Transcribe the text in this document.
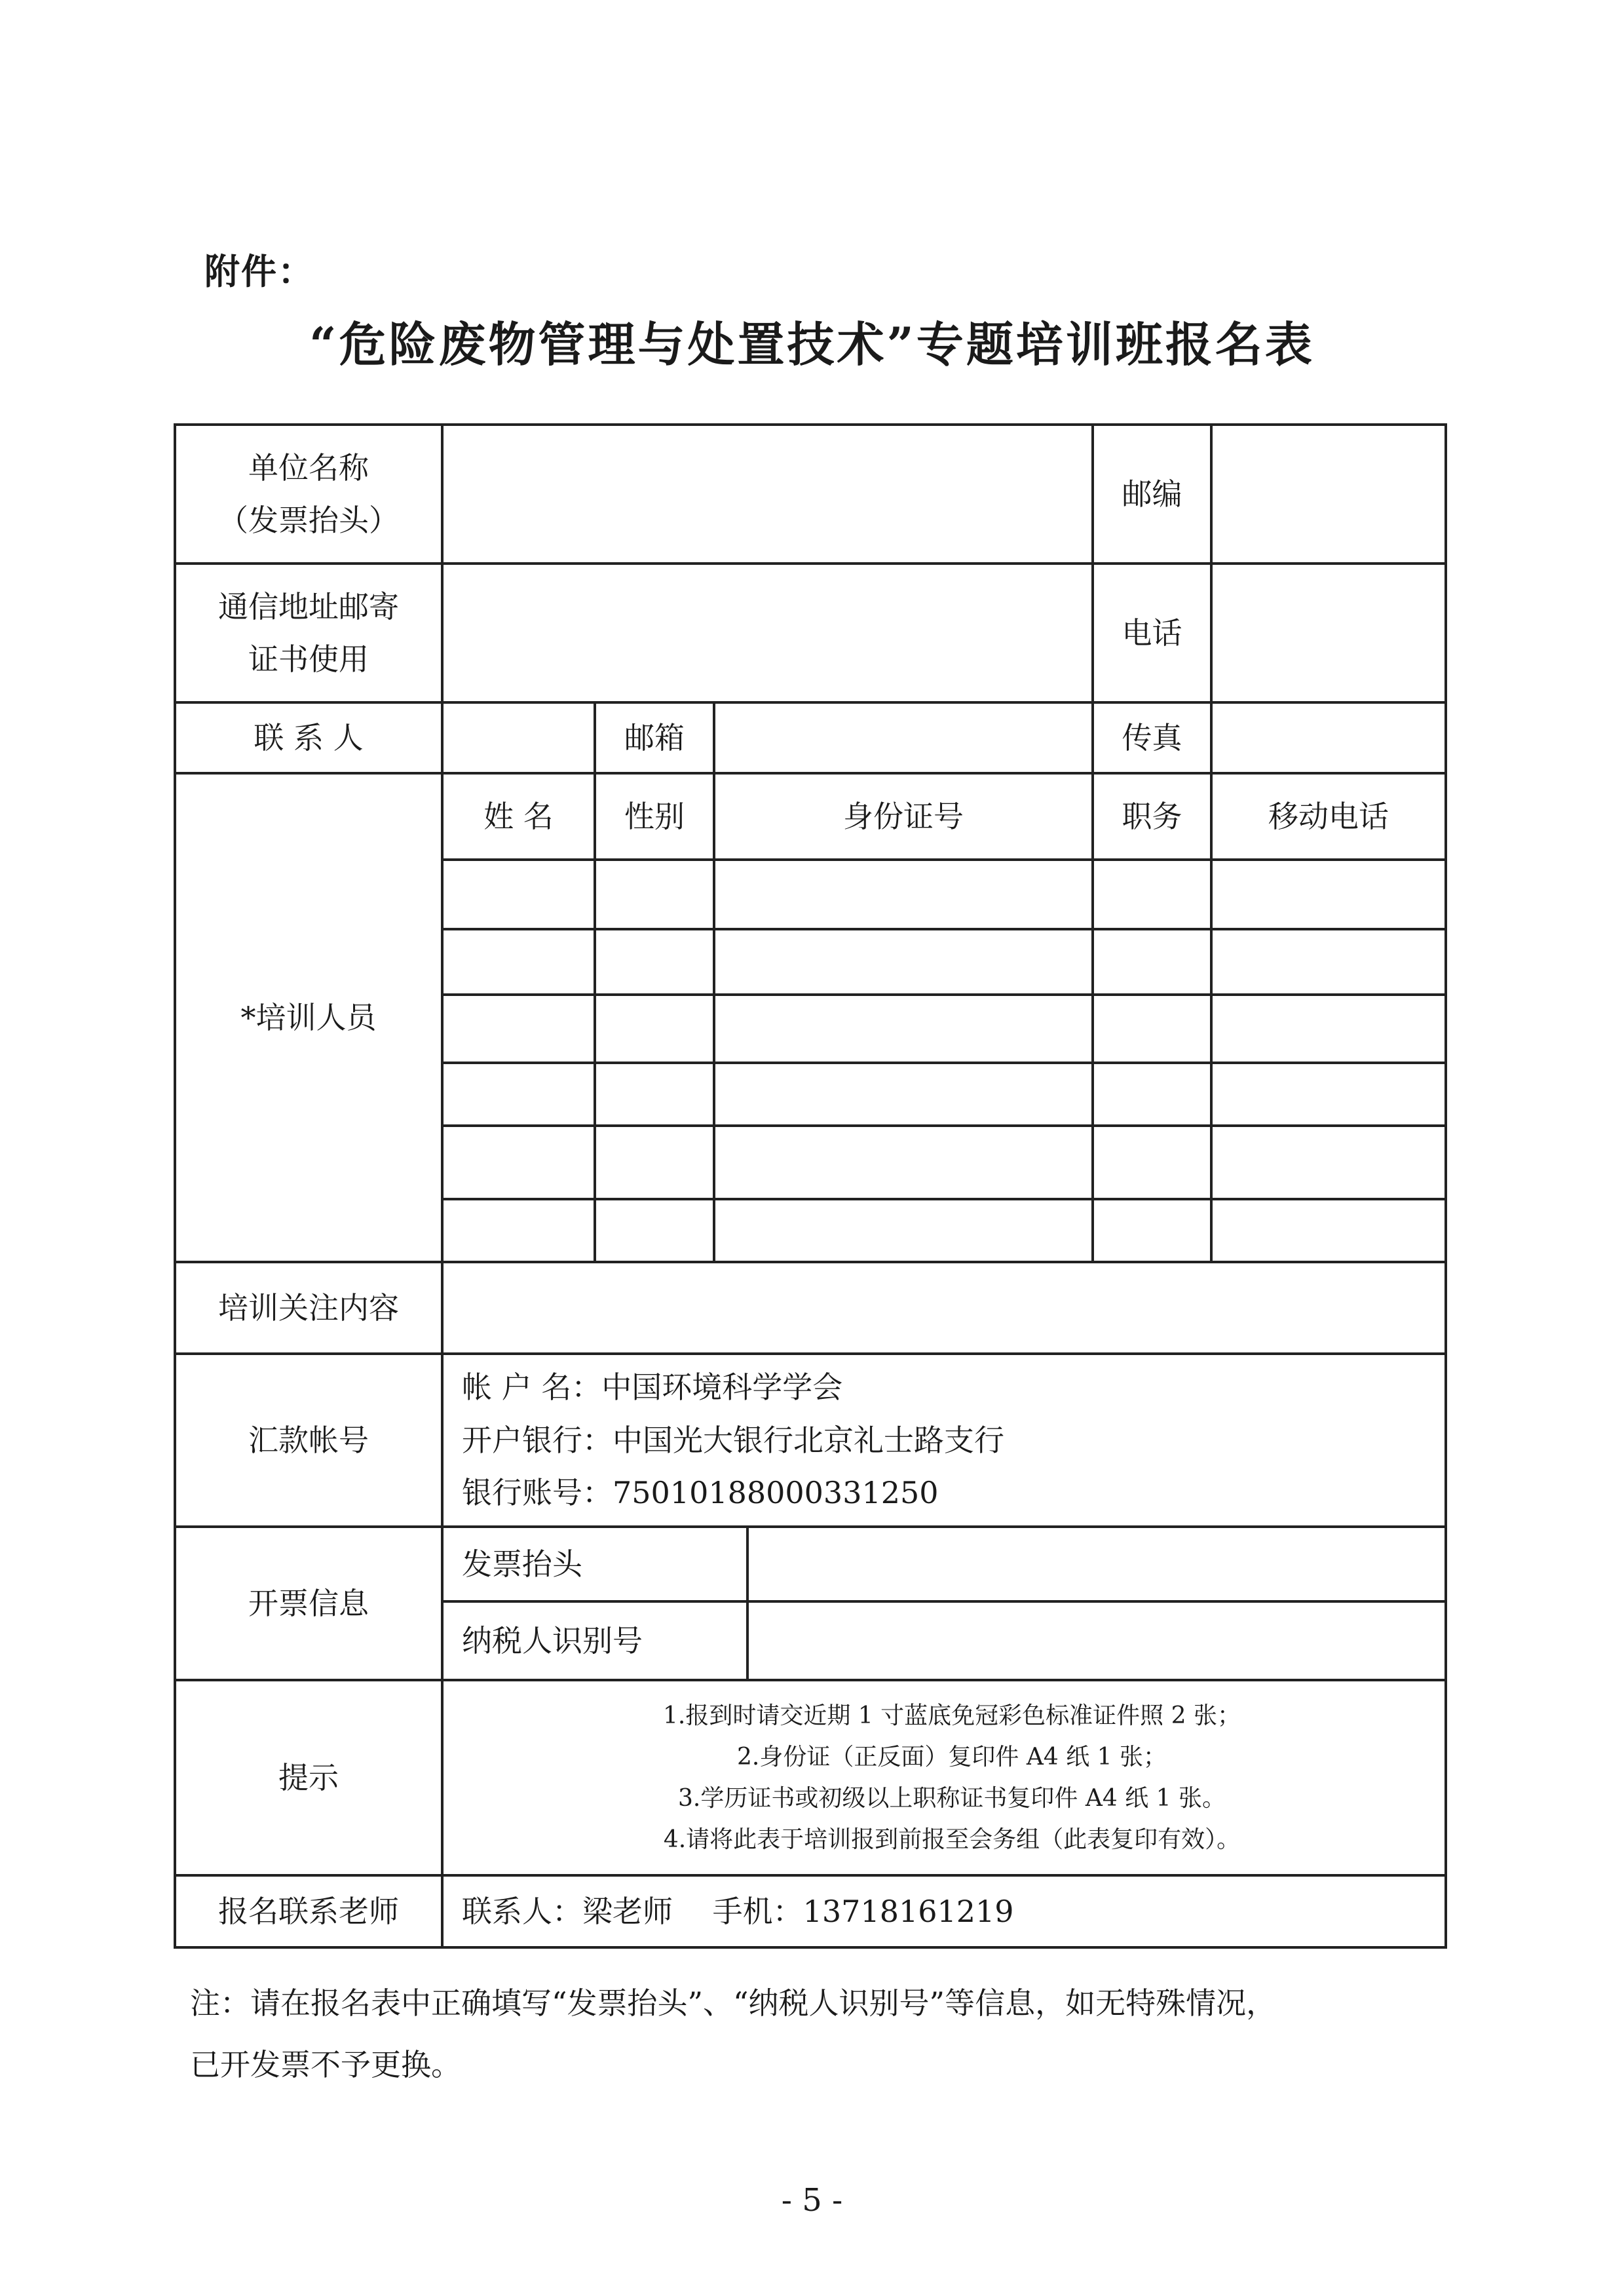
附件：
“危险废物管理与处置技术”专题培训班报名表
单位名称
（发票抬头）					邮编	

通信地址邮寄
证书使用					电话	
联 系 人		邮箱			传真	
*培训人员	姓 名	性别	身份证号		职务	移动电话

培训关注内容						
汇款帐号	帐 户 名：中国环境科学学会
开户银行：中国光大银行北京礼士路支行
银行账号：75010188000331250					

开票信息	发票抬头					
	纳税人识别号					
提示	1.报到时请交近期 1 寸蓝底免冠彩色标准证件照 2 张；
2.身份证（正反面）复印件 A4 纸 1 张；
3.学历证书或初级以上职称证书复印件 A4 纸 1 张。
4.请将此表于培训报到前报至会务组（此表复印有效）。					

报名联系老师	联系人：梁老师　 手机：13718161219					
注：请在报名表中正确填写“发票抬头”、“纳税人识别号”等信息，如无特殊情况，
已开发票不予更换。
- 5 -
